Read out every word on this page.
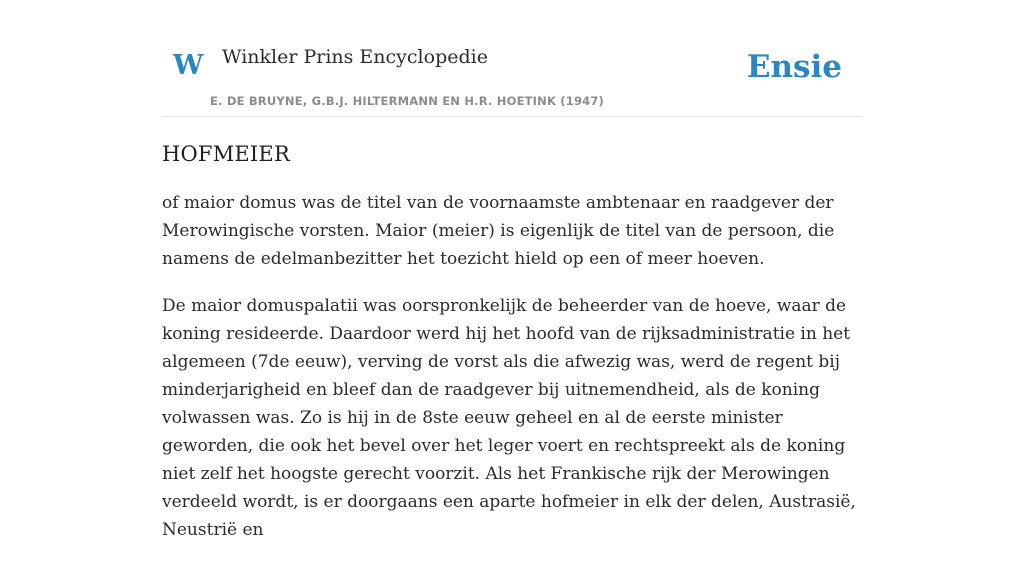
W Winkler Prins Encyclopedie
E. DE BRUYNE, G.B.J. HILTERMANN EN H.R. HOETINK (1947)
Ensie
HOFMEIER

of maior domus was de titel van de voornaamste ambtenaar en raadgever der Merowingische vorsten. Maior (meier) is eigenlijk de titel van de persoon, die namens de edelmanbezitter het toezicht hield op een of meer hoeven.

De maior domuspalatii was oorspronkelijk de beheerder van de hoeve, waar de koning resideerde. Daardoor werd hij het hoofd van de rijksadministratie in het algemeen (7de eeuw), verving de vorst als die afwezig was, werd de regent bij minderjarigheid en bleef dan de raadgever bij uitnemendheid, als de koning volwassen was. Zo is hij in de 8ste eeuw geheel en al de eerste minister geworden, die ook het bevel over het leger voert en rechtspreekt als de koning niet zelf het hoogste gerecht voorzit. Als het Frankische rijk der Merowingen verdeeld wordt, is er doorgaans een aparte hofmeier in elk der delen, Austrasië, Neustrië en
